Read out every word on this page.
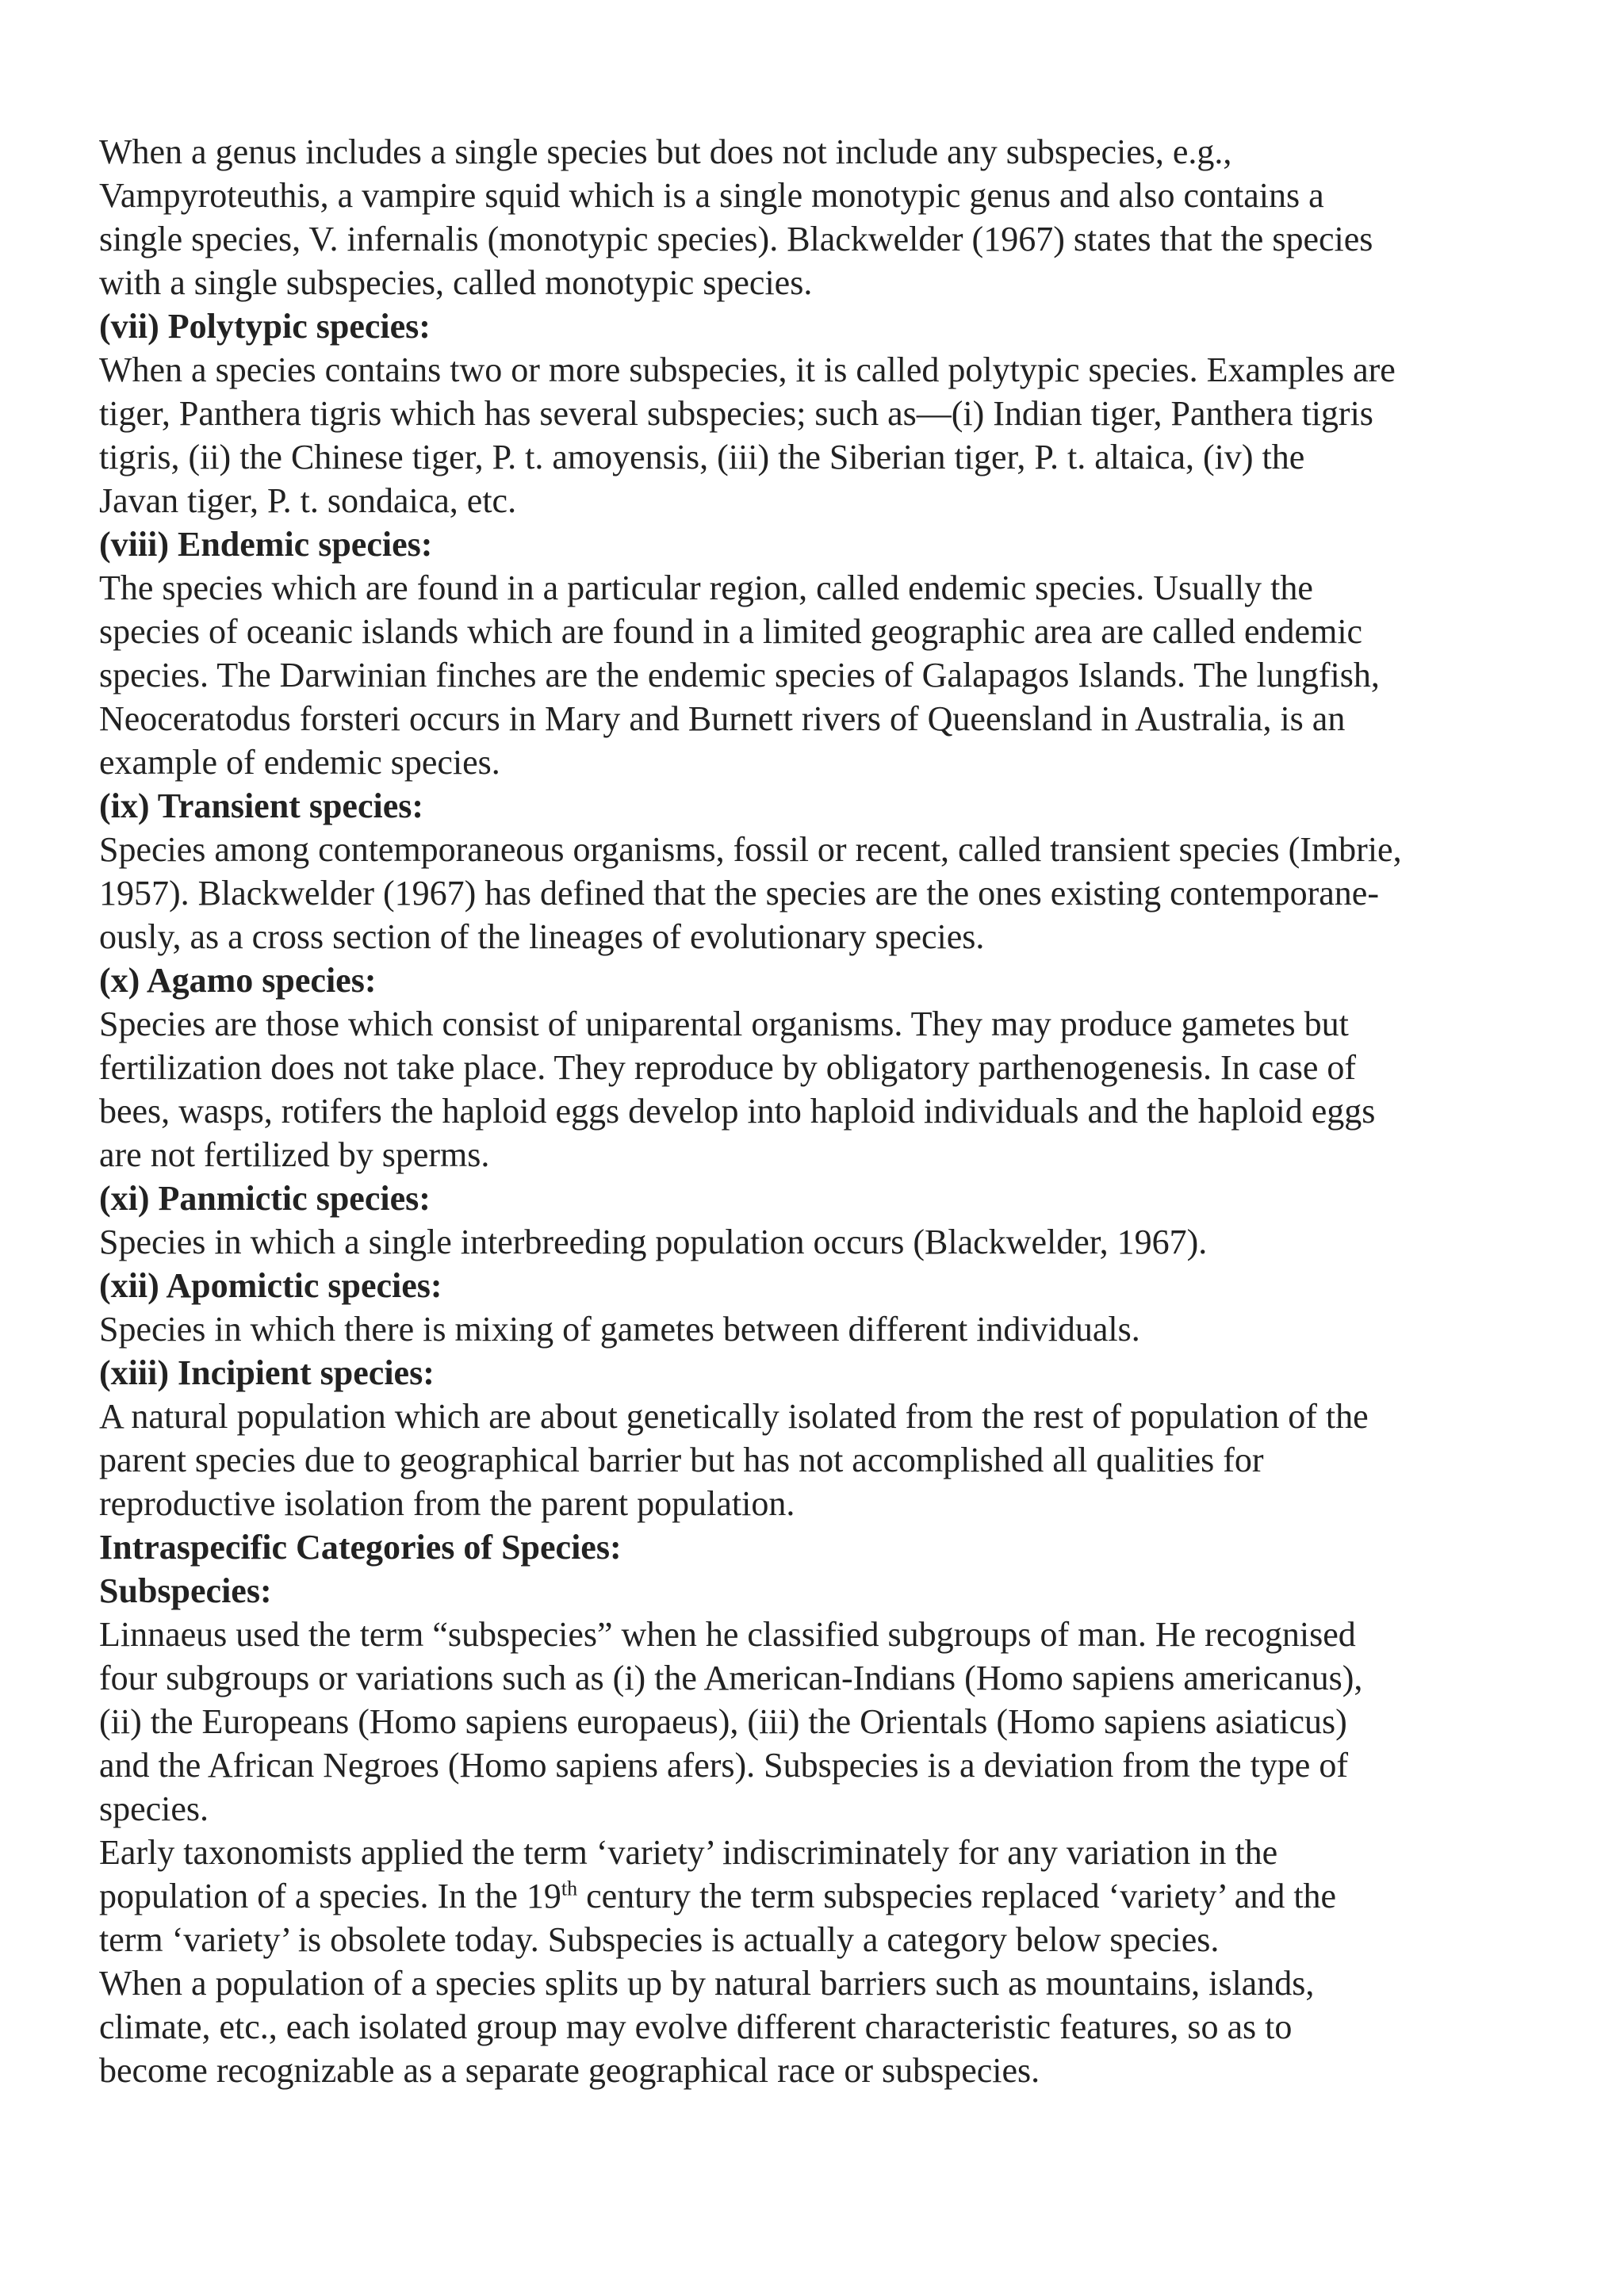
When a genus includes a single species but does not include any subspecies, e.g.,
Vampyroteuthis, a vampire squid which is a single monotypic genus and also contains a
single species, V. infernalis (monotypic species). Blackwelder (1967) states that the species
with a single subspecies, called monotypic species.

(vii) Polytypic species:

When a species contains two or more subspecies, it is called polytypic species. Examples are
tiger, Panthera tigris which has several subspecies; such as—(i) Indian tiger, Panthera tigris
tigris, (ii) the Chinese tiger, P. t. amoyensis, (iii) the Siberian tiger, P. t. altaica, (iv) the
Javan tiger, P. t. sondaica, etc.

(viii) Endemic species:

The species which are found in a particular region, called endemic species. Usually the
species of oceanic islands which are found in a limited geographic area are called endemic
species. The Darwinian finches are the endemic species of Galapagos Islands. The lungfish,
Neoceratodus forsteri occurs in Mary and Burnett rivers of Queensland in Australia, is an
example of endemic species.

(ix) Transient species:

Species among contemporaneous organisms, fossil or recent, called transient species (Imbrie,
1957). Blackwelder (1967) has defined that the species are the ones existing contemporane-
ously, as a cross section of the lineages of evolutionary species.

(x) Agamo species:

Species are those which consist of uniparental organisms. They may produce gametes but
fertilization does not take place. They reproduce by obligatory parthenogenesis. In case of
bees, wasps, rotifers the haploid eggs develop into haploid individuals and the haploid eggs
are not fertilized by sperms.

(xi) Panmictic species:

Species in which a single interbreeding population occurs (Blackwelder, 1967).

(xii) Apomictic species:

Species in which there is mixing of gametes between different individuals.

(xiii) Incipient species:

A natural population which are about genetically isolated from the rest of population of the
parent species due to geographical barrier but has not accomplished all qualities for
reproductive isolation from the parent population.

Intraspecific Categories of Species:
Subspecies:

Linnaeus used the term “subspecies” when he classified subgroups of man. He recognised
four subgroups or variations such as (i) the American-Indians (Homo sapiens americanus),
(ii) the Europeans (Homo sapiens europaeus), (iii) the Orientals (Homo sapiens asiaticus)
and the African Negroes (Homo sapiens afers). Subspecies is a deviation from the type of
species.

Early taxonomists applied the term ‘variety’ indiscriminately for any variation in the
population of a species. In the 19th century the term subspecies replaced ‘variety’ and the
term ‘variety’ is obsolete today. Subspecies is actually a category below species.

When a population of a species splits up by natural barriers such as mountains, islands,
climate, etc., each isolated group may evolve different characteristic features, so as to
become recognizable as a separate geographical race or subspecies.
